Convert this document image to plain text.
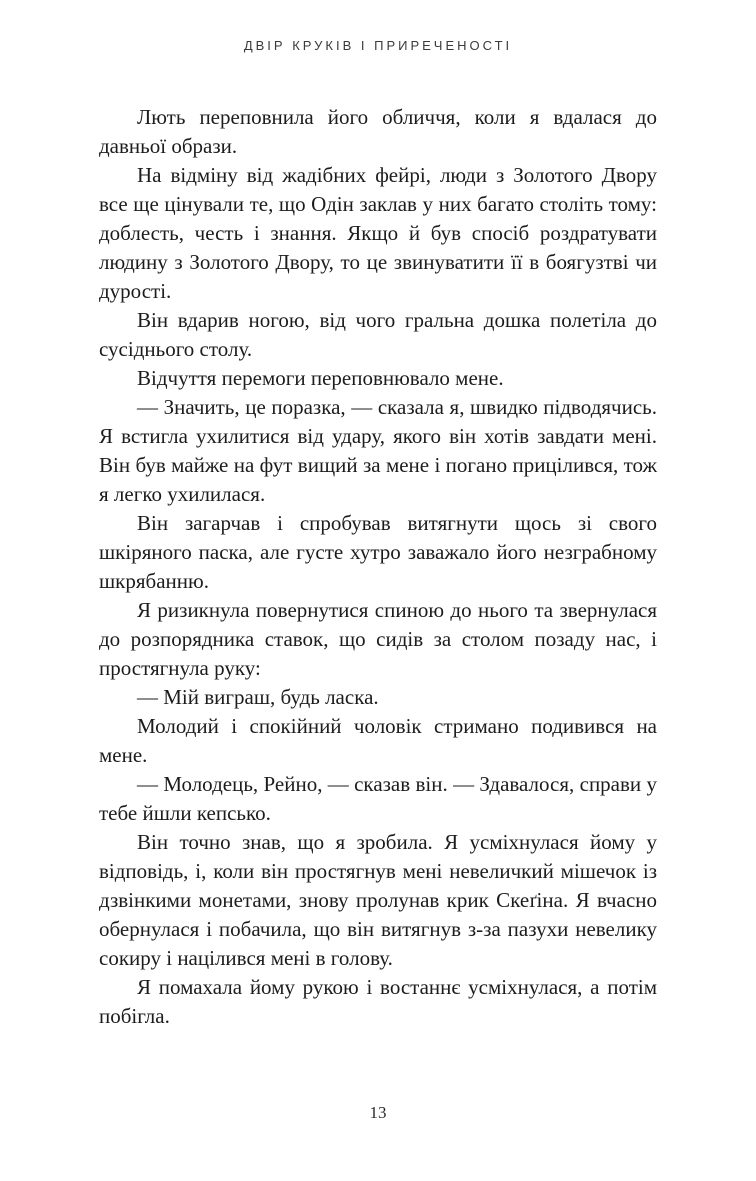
ДВІР КРУКІВ І ПРИРЕЧЕНОСТІ

Лють переповнила його обличчя, коли я вдалася до давньої образи.

На відміну від жадібних фейрі, люди з Золотого Двору все ще цінували те, що Одін заклав у них багато століть тому: доблесть, честь і знання. Якщо й був спосіб роздратувати людину з Золотого Двору, то це звинуватити її в боягузтві чи дурості.

Він вдарив ногою, від чого гральна дошка полетіла до сусіднього столу.

Відчуття перемоги переповнювало мене.

— Значить, це поразка, — сказала я, швидко підводячись. Я встигла ухилитися від удару, якого він хотів завдати мені. Він був майже на фут вищий за мене і погано прицілився, тож я легко ухилилася.

Він загарчав і спробував витягнути щось зі свого шкіряного паска, але густе хутро заважало його незграбному шкрябанню.

Я ризикнула повернутися спиною до нього та звернулася до розпорядника ставок, що сидів за столом позаду нас, і простягнула руку:

— Мій виграш, будь ласка.

Молодий і спокійний чоловік стримано подивився на мене.

— Молодець, Рейно, — сказав він. — Здавалося, справи у тебе йшли кепсько.

Він точно знав, що я зробила. Я усміхнулася йому у відповідь, і, коли він простягнув мені невеличкий мішечок із дзвінкими монетами, знову пролунав крик Скеґіна. Я вчасно обернулася і побачила, що він витягнув з-за пазухи невелику сокиру і націлився мені в голову.

Я помахала йому рукою і востаннє усміхнулася, а потім побігла.

13
